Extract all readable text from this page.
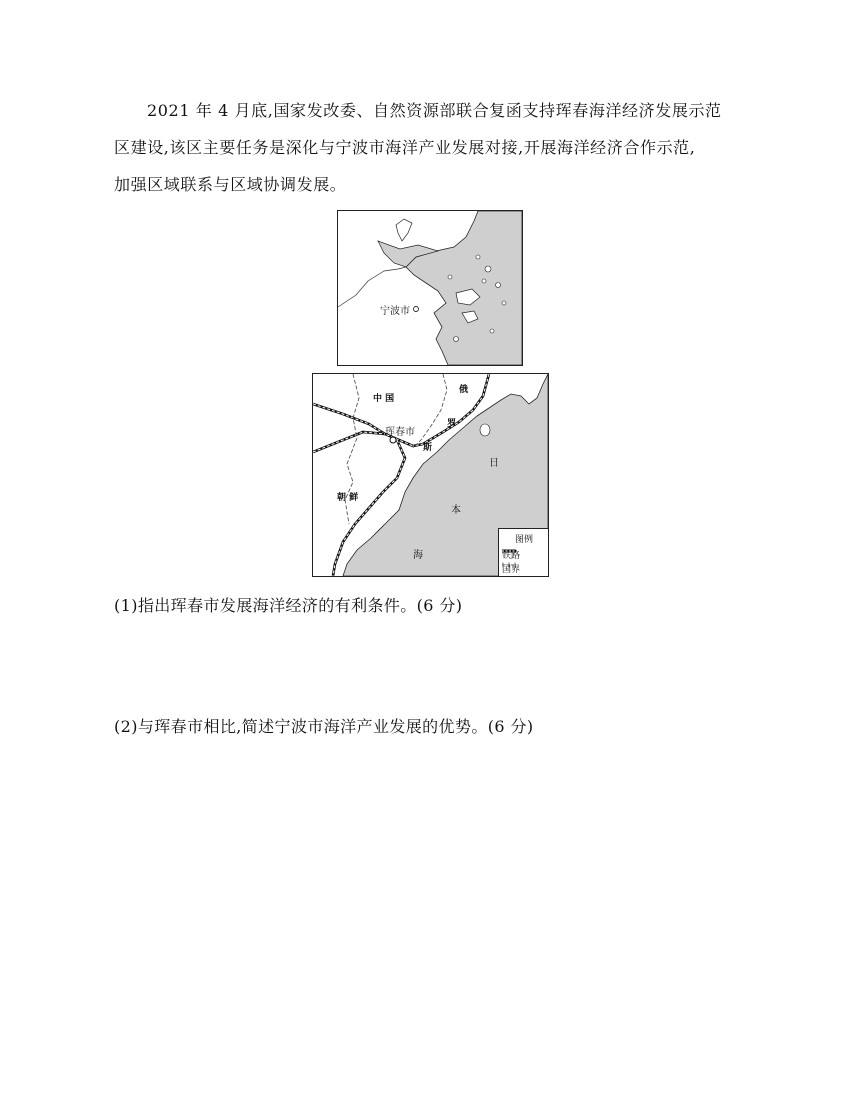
2021 年 4 月底,国家发改委、自然资源部联合复函支持珲春海洋经济发展示范
区建设,该区主要任务是深化与宁波市海洋产业发展对接,开展海洋经济合作示范,
加强区域联系与区域协调发展。
宁波市
中 国
俄
罗
斯
珲春市
朝 鲜
日
本
海
图例
铁路
国界
(1)指出珲春市发展海洋经济的有利条件。(6 分)
(2)与珲春市相比,简述宁波市海洋产业发展的优势。(6 分)
